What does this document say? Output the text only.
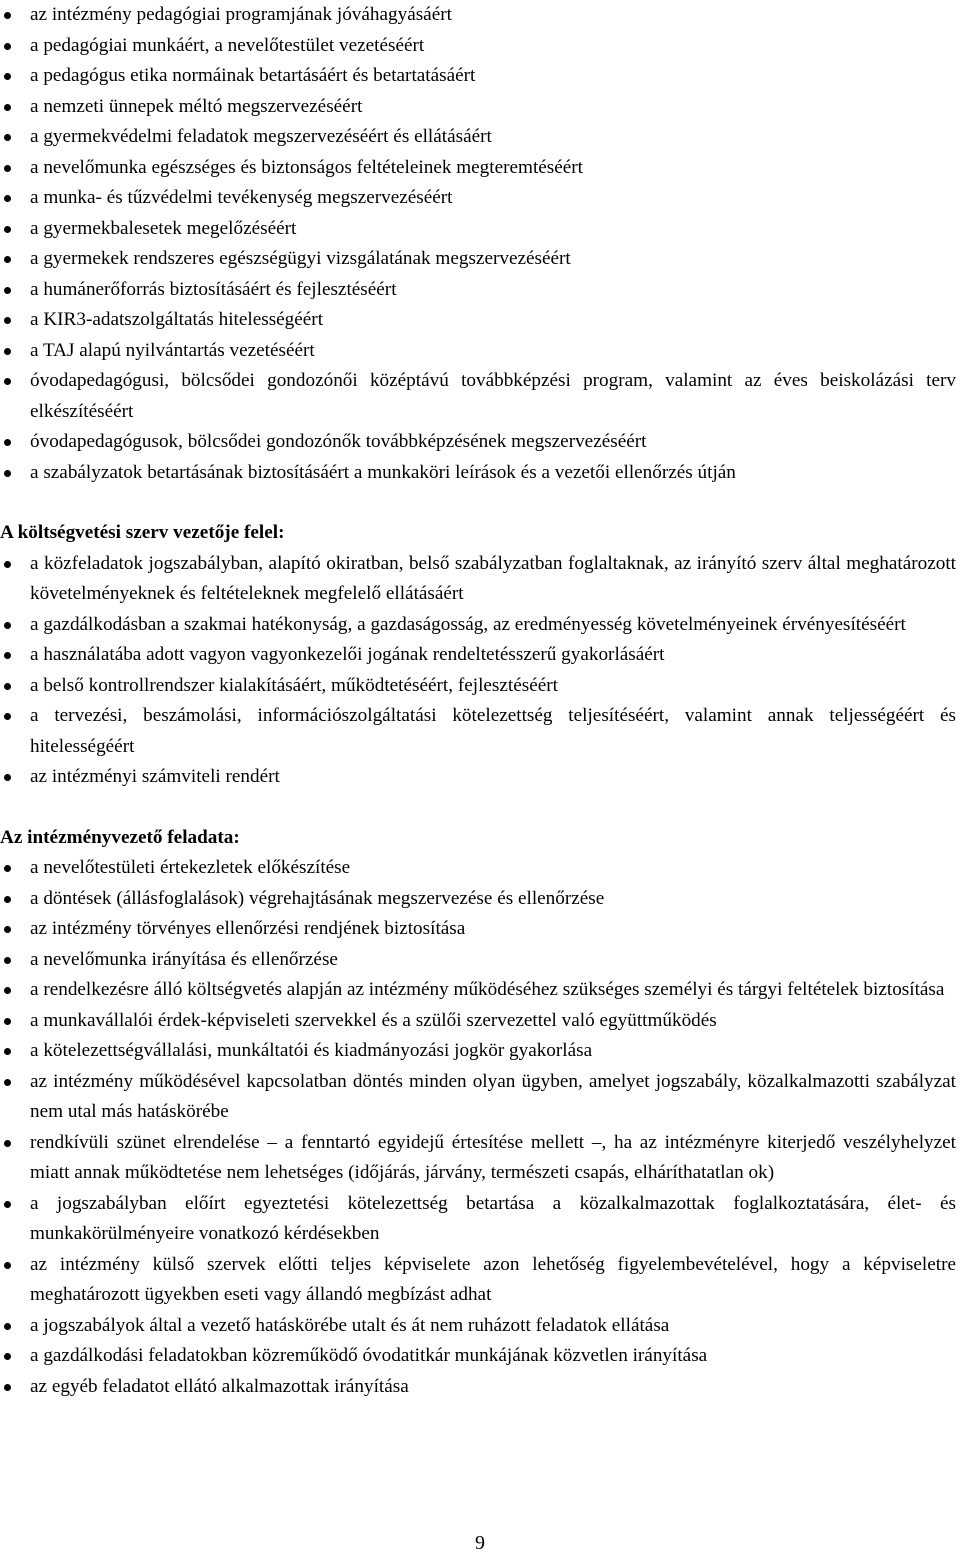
az intézmény pedagógiai programjának jóváhagyásáért
a pedagógiai munkáért, a nevelőtestület vezetéséért
a pedagógus etika normáinak betartásáért és betartatásáért
a nemzeti ünnepek méltó megszervezéséért
a gyermekvédelmi feladatok megszervezéséért és ellátásáért
a nevelőmunka egészséges és biztonságos feltételeinek megteremtéséért
a munka- és tűzvédelmi tevékenység megszervezéséért
a gyermekbalesetek megelőzéséért
a gyermekek rendszeres egészségügyi vizsgálatának megszervezéséért
a humánerőforrás biztosításáért és fejlesztéséért
a KIR3-adatszolgáltatás hitelességéért
a TAJ alapú nyilvántartás vezetéséért
óvodapedagógusi, bölcsődei gondozónői középtávú továbbképzési program, valamint az éves beiskolázási terv elkészítéséért
óvodapedagógusok, bölcsődei gondozónők továbbképzésének megszervezéséért
a szabályzatok betartásának biztosításáért a munkaköri leírások és a vezetői ellenőrzés útján

A költségvetési szerv vezetője felel:

a közfeladatok jogszabályban, alapító okiratban, belső szabályzatban foglaltaknak, az irányító szerv által meghatározott követelményeknek és feltételeknek megfelelő ellátásáért
a gazdálkodásban a szakmai hatékonyság, a gazdaságosság, az eredményesség követelményeinek érvényesítéséért
a használatába adott vagyon vagyonkezelői jogának rendeltetésszerű gyakorlásáért
a belső kontrollrendszer kialakításáért, működtetéséért, fejlesztéséért
a tervezési, beszámolási, információszolgáltatási kötelezettség teljesítéséért, valamint annak teljességéért és hitelességéért
az intézményi számviteli rendért

Az intézményvezető feladata:

a nevelőtestületi értekezletek előkészítése
a döntések (állásfoglalások) végrehajtásának megszervezése és ellenőrzése
az intézmény törvényes ellenőrzési rendjének biztosítása
a nevelőmunka irányítása és ellenőrzése
a rendelkezésre álló költségvetés alapján az intézmény működéséhez szükséges személyi és tárgyi feltételek biztosítása
a munkavállalói érdek-képviseleti szervekkel és a szülői szervezettel való együttműködés
a kötelezettségvállalási, munkáltatói és kiadmányozási jogkör gyakorlása
az intézmény működésével kapcsolatban döntés minden olyan ügyben, amelyet jogszabály, közalkalmazotti szabályzat nem utal más hatáskörébe
rendkívüli szünet elrendelése – a fenntartó egyidejű értesítése mellett –, ha az intézményre kiterjedő veszélyhelyzet miatt annak működtetése nem lehetséges (időjárás, járvány, természeti csapás, elháríthatatlan ok)
a jogszabályban előírt egyeztetési kötelezettség betartása a közalkalmazottak foglalkoztatására, élet- és munkakörülményeire vonatkozó kérdésekben
az intézmény külső szervek előtti teljes képviselete azon lehetőség figyelembevételével, hogy a képviseletre meghatározott ügyekben eseti vagy állandó megbízást adhat
a jogszabályok által a vezető hatáskörébe utalt és át nem ruházott feladatok ellátása
a gazdálkodási feladatokban közreműködő óvodatitkár munkájának közvetlen irányítása
az egyéb feladatot ellátó alkalmazottak irányítása
9
